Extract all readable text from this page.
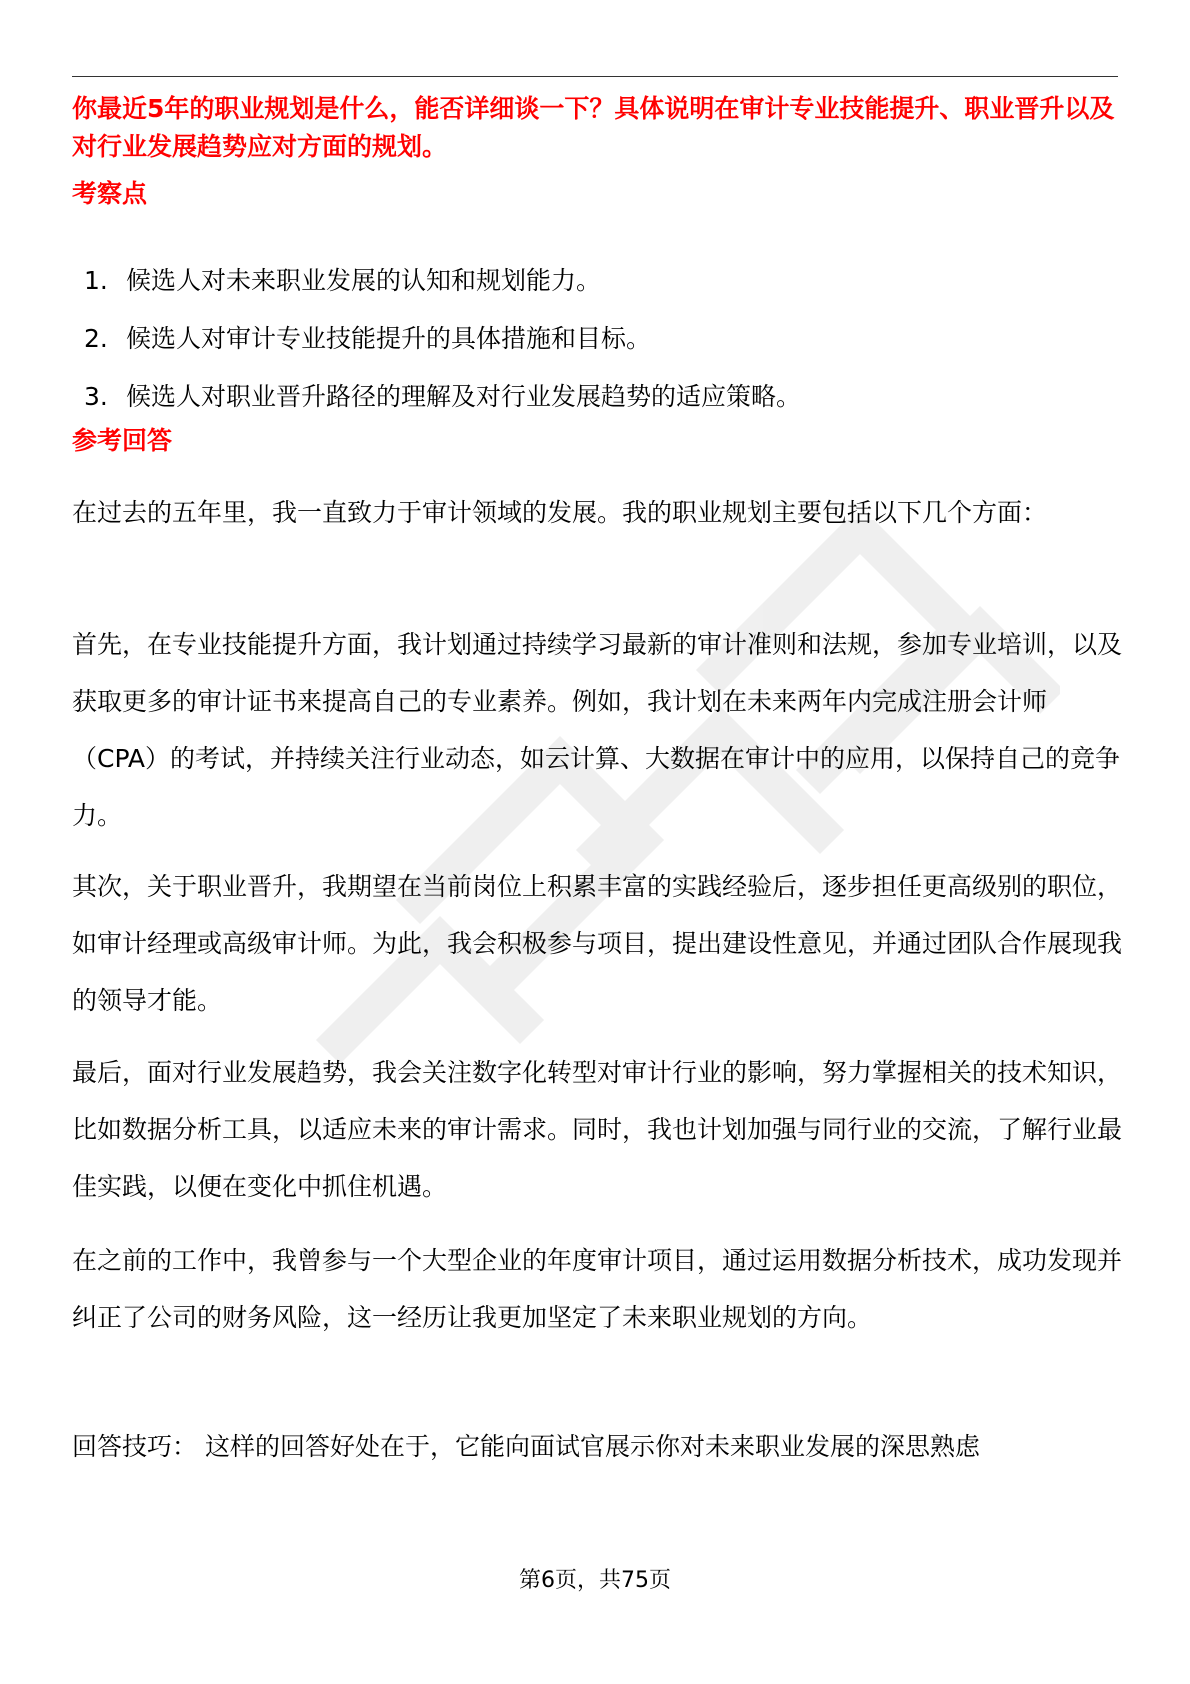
你最近5年的职业规划是什么，能否详细谈一下？具体说明在审计专业技能提升、职业晋升以及对行业发展趋势应对方面的规划。

考察点
1. 候选人对未来职业发展的认知和规划能力。
2. 候选人对审计专业技能提升的具体措施和目标。
3. 候选人对职业晋升路径的理解及对行业发展趋势的适应策略。
参考回答

在过去的五年里，我一直致力于审计领域的发展。我的职业规划主要包括以下几个方面：

首先，在专业技能提升方面，我计划通过持续学习最新的审计准则和法规，参加专业培训，以及获取更多的审计证书来提高自己的专业素养。例如，我计划在未来两年内完成注册会计师（CPA）的考试，并持续关注行业动态，如云计算、大数据在审计中的应用，以保持自己的竞争力。

其次，关于职业晋升，我期望在当前岗位上积累丰富的实践经验后，逐步担任更高级别的职位，如审计经理或高级审计师。为此，我会积极参与项目，提出建设性意见，并通过团队合作展现我的领导才能。

最后，面对行业发展趋势，我会关注数字化转型对审计行业的影响，努力掌握相关的技术知识，比如数据分析工具，以适应未来的审计需求。同时，我也计划加强与同行业的交流，了解行业最佳实践，以便在变化中抓住机遇。

在之前的工作中，我曾参与一个大型企业的年度审计项目，通过运用数据分析技术，成功发现并纠正了公司的财务风险，这一经历让我更加坚定了未来职业规划的方向。

回答技巧： 这样的回答好处在于，它能向面试官展示你对未来职业发展的深思熟虑

第6页，共75页
